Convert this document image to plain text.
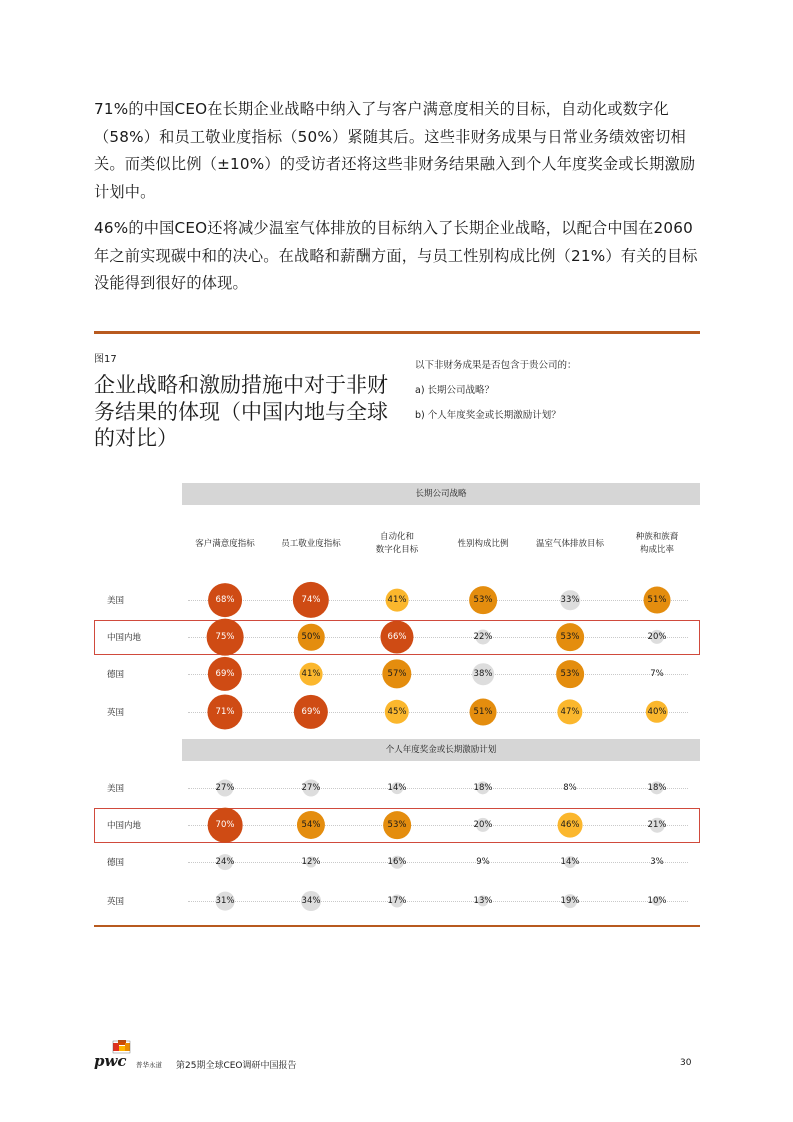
71%的中国CEO在长期企业战略中纳入了与客户满意度相关的目标，自动化或数字化（58%）和员工敬业度指标（50%）紧随其后。这些非财务成果与日常业务绩效密切相关。而类似比例（±10%）的受访者还将这些非财务结果融入到个人年度奖金或长期激励计划中。

46%的中国CEO还将减少温室气体排放的目标纳入了长期企业战略，以配合中国在2060年之前实现碳中和的决心。在战略和薪酬方面，与员工性别构成比例（21%）有关的目标没能得到很好的体现。

图17
企业战略和激励措施中对于非财务结果的体现（中国内地与全球的对比）
以下非财务成果是否包含于贵公司的：
a) 长期公司战略？
b) 个人年度奖金或长期激励计划？
长期公司战略
个人年度奖金或长期激励计划
客户满意度指标	员工敬业度指标
自动化和
数字化目标
性别构成比例	温室气体排放目标
种族和族裔
构成比率
美国	68%	74%	41%	53%	33%	51%
中国内地	75%	50%	66%	22%	53%	20%
德国	69%	41%	57%	38%	53%	7%
英国	71%	69%	45%	51%	47%	40%
美国	27%	27%	14%	18%	8%	18%
中国内地	70%	54%	53%	20%	46%	21%
德国	24%	12%	16%	9%	14%	3%
英国	31%	34%	17%	13%	19%	10%
pwc 普华永道 第25期全球CEO调研中国报告	30
